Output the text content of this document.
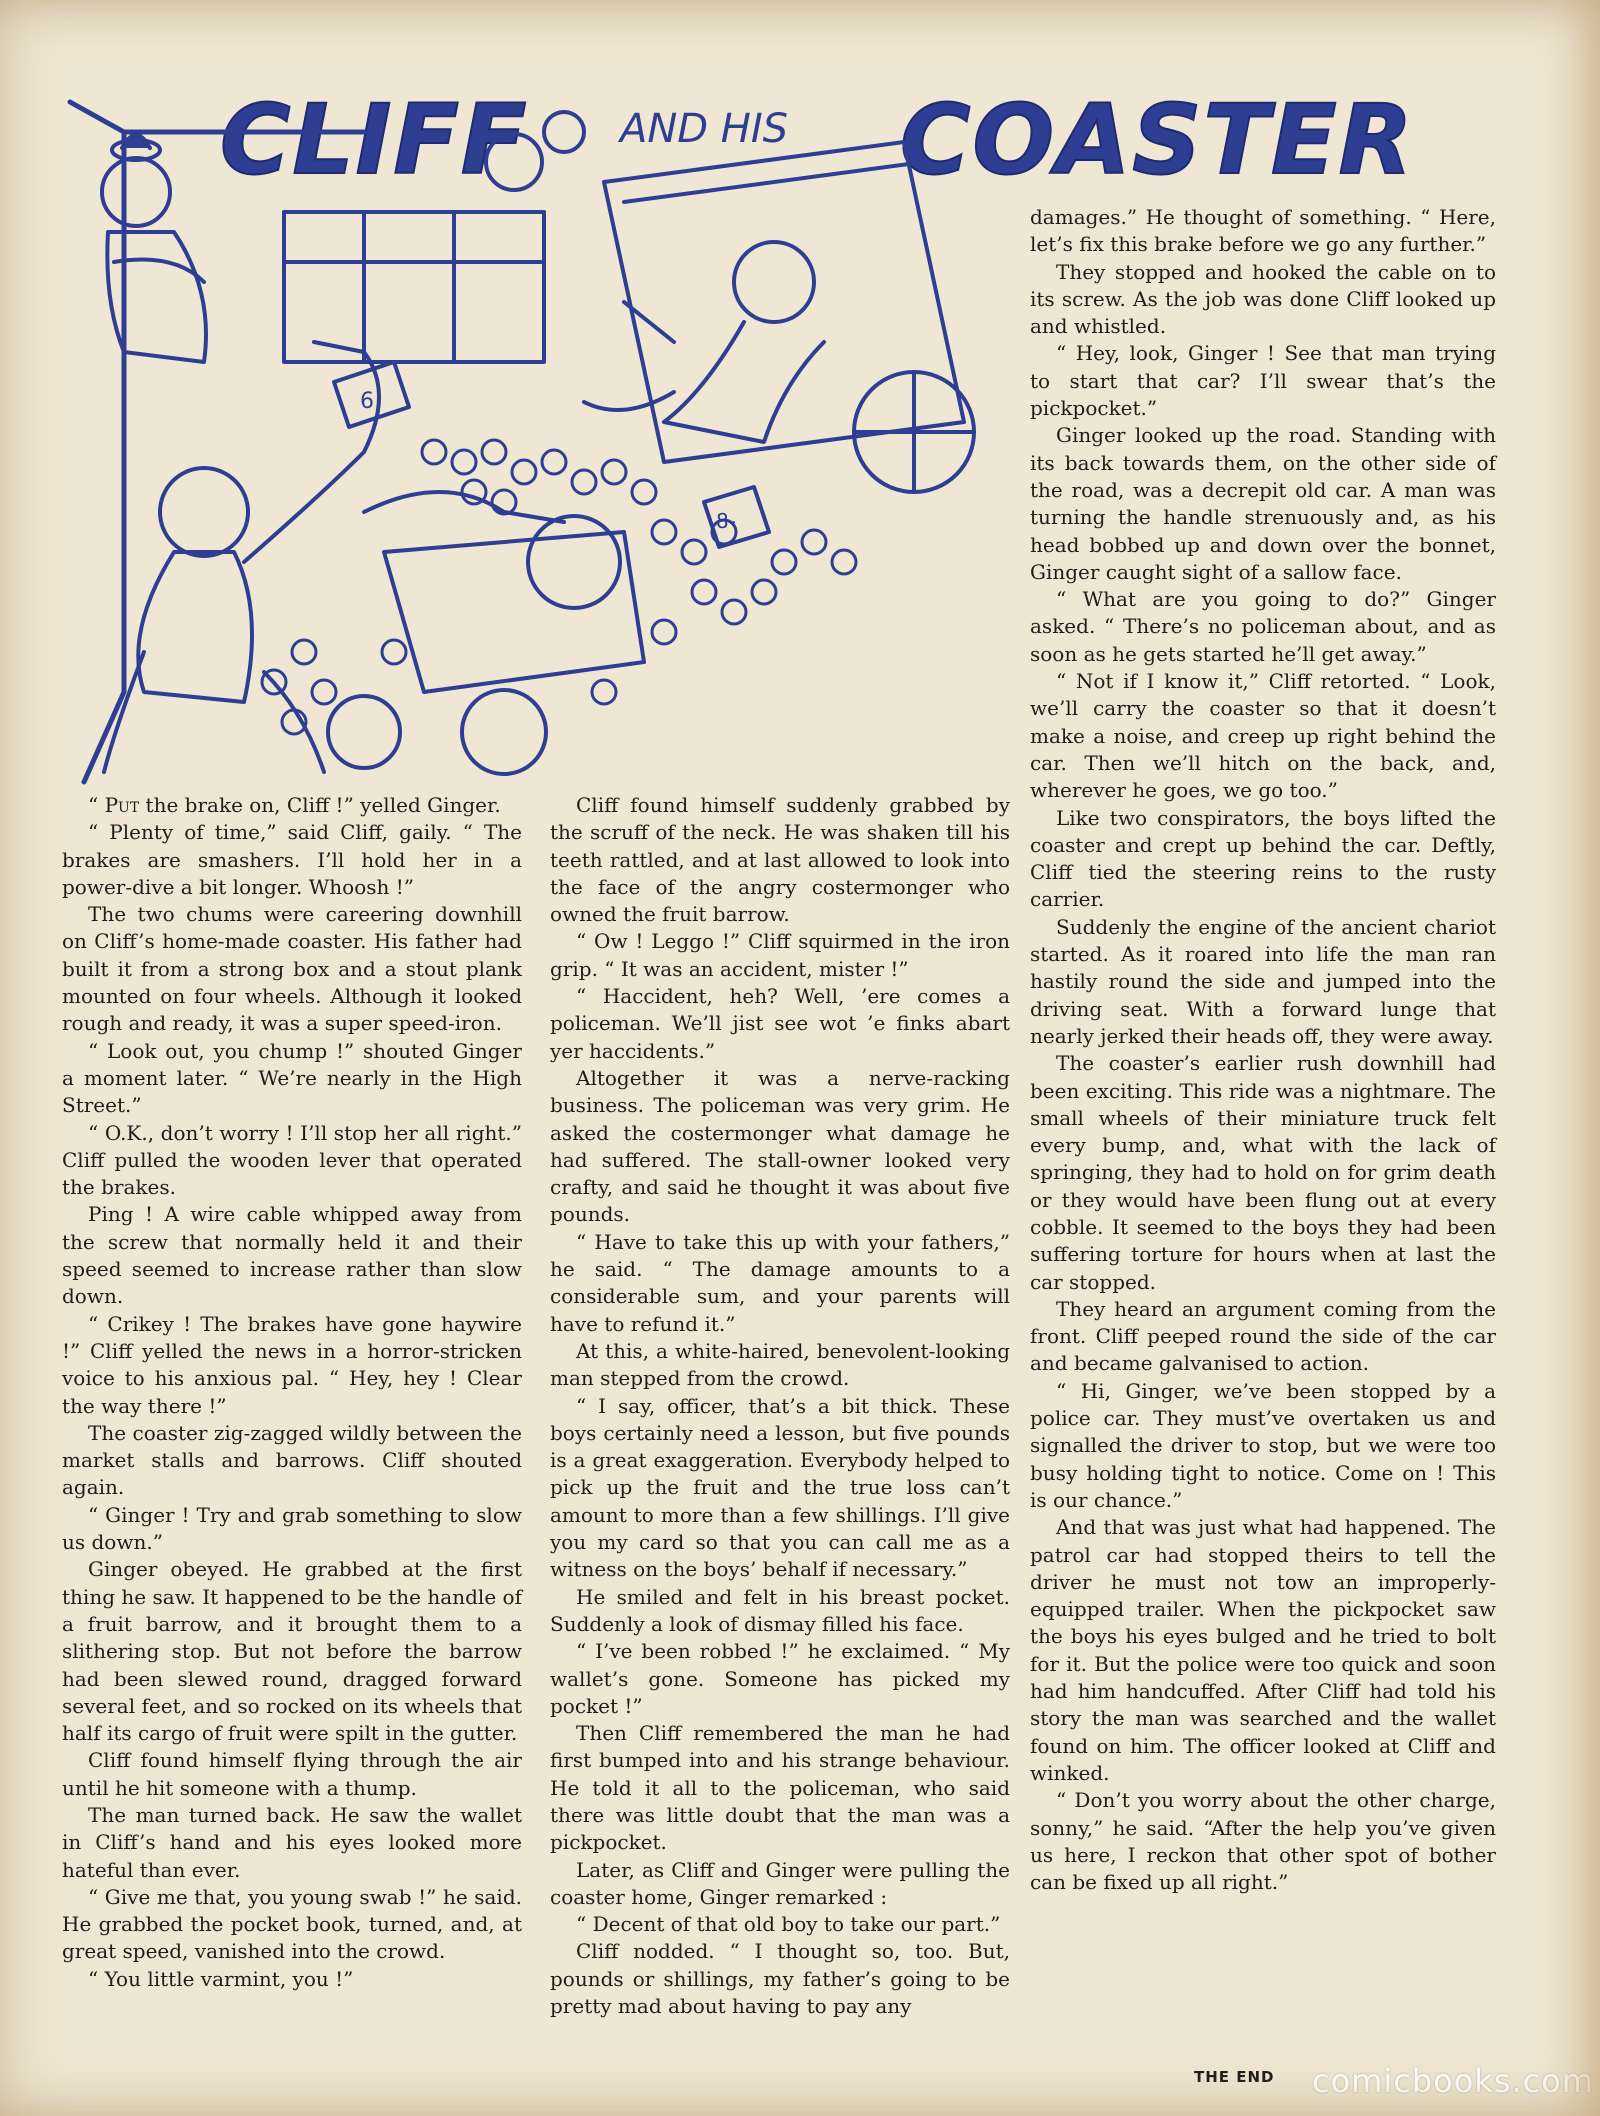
CLIFF AND HIS COASTER
6
8-

“ Put the brake on, Cliff !” yelled Ginger.

“ Plenty of time,” said Cliff, gaily. “ The brakes are smashers. I’ll hold her in a power-dive a bit longer. Whoosh !”

The two chums were careering downhill on Cliff’s home-made coaster. His father had built it from a strong box and a stout plank mounted on four wheels. Although it looked rough and ready, it was a super speed-iron.

“ Look out, you chump !” shouted Ginger a moment later. “ We’re nearly in the High Street.”

“ O.K., don’t worry ! I’ll stop her all right.” Cliff pulled the wooden lever that operated the brakes.

Ping ! A wire cable whipped away from the screw that normally held it and their speed seemed to increase rather than slow down.

“ Crikey ! The brakes have gone haywire !” Cliff yelled the news in a horror-stricken voice to his anxious pal. “ Hey, hey ! Clear the way there !”

The coaster zig-zagged wildly between the market stalls and barrows. Cliff shouted again.

“ Ginger ! Try and grab something to slow us down.”

Ginger obeyed. He grabbed at the first thing he saw. It happened to be the handle of a fruit barrow, and it brought them to a slithering stop. But not before the barrow had been slewed round, dragged forward several feet, and so rocked on its wheels that half its cargo of fruit were spilt in the gutter.

Cliff found himself flying through the air until he hit someone with a thump.

The man turned back. He saw the wallet in Cliff’s hand and his eyes looked more hateful than ever.

“ Give me that, you young swab !” he said. He grabbed the pocket book, turned, and, at great speed, vanished into the crowd.

“ You little varmint, you !”

Cliff found himself suddenly grabbed by the scruff of the neck. He was shaken till his teeth rattled, and at last allowed to look into the face of the angry costermonger who owned the fruit barrow.

“ Ow ! Leggo !” Cliff squirmed in the iron grip. “ It was an accident, mister !”

“ Haccident, heh? Well, ’ere comes a policeman. We’ll jist see wot ’e finks abart yer haccidents.”

Altogether it was a nerve-racking business. The policeman was very grim. He asked the costermonger what damage he had suffered. The stall-owner looked very crafty, and said he thought it was about five pounds.

“ Have to take this up with your fathers,” he said. “ The damage amounts to a considerable sum, and your parents will have to refund it.”

At this, a white-haired, benevolent-looking man stepped from the crowd.

“ I say, officer, that’s a bit thick. These boys certainly need a lesson, but five pounds is a great exaggeration. Everybody helped to pick up the fruit and the true loss can’t amount to more than a few shillings. I’ll give you my card so that you can call me as a witness on the boys’ behalf if necessary.”

He smiled and felt in his breast pocket. Suddenly a look of dismay filled his face.

“ I’ve been robbed !” he exclaimed. “ My wallet’s gone. Someone has picked my pocket !”

Then Cliff remembered the man he had first bumped into and his strange behaviour. He told it all to the policeman, who said there was little doubt that the man was a pickpocket.

Later, as Cliff and Ginger were pulling the coaster home, Ginger remarked :

“ Decent of that old boy to take our part.”

Cliff nodded. “ I thought so, too. But, pounds or shillings, my father’s going to be pretty mad about having to pay any

damages.” He thought of something. “ Here, let’s fix this brake before we go any further.”

They stopped and hooked the cable on to its screw. As the job was done Cliff looked up and whistled.

“ Hey, look, Ginger ! See that man trying to start that car? I’ll swear that’s the pickpocket.”

Ginger looked up the road. Standing with its back towards them, on the other side of the road, was a decrepit old car. A man was turning the handle strenuously and, as his head bobbed up and down over the bonnet, Ginger caught sight of a sallow face.

“ What are you going to do?” Ginger asked. “ There’s no policeman about, and as soon as he gets started he’ll get away.”

“ Not if I know it,” Cliff retorted. “ Look, we’ll carry the coaster so that it doesn’t make a noise, and creep up right behind the car. Then we’ll hitch on the back, and, wherever he goes, we go too.”

Like two conspirators, the boys lifted the coaster and crept up behind the car. Deftly, Cliff tied the steering reins to the rusty carrier.

Suddenly the engine of the ancient chariot started. As it roared into life the man ran hastily round the side and jumped into the driving seat. With a forward lunge that nearly jerked their heads off, they were away.

The coaster’s earlier rush downhill had been exciting. This ride was a nightmare. The small wheels of their miniature truck felt every bump, and, what with the lack of springing, they had to hold on for grim death or they would have been flung out at every cobble. It seemed to the boys they had been suffering torture for hours when at last the car stopped.

They heard an argument coming from the front. Cliff peeped round the side of the car and became galvanised to action.

“ Hi, Ginger, we’ve been stopped by a police car. They must’ve overtaken us and signalled the driver to stop, but we were too busy holding tight to notice. Come on ! This is our chance.”

And that was just what had happened. The patrol car had stopped theirs to tell the driver he must not tow an improperly-equipped trailer. When the pickpocket saw the boys his eyes bulged and he tried to bolt for it. But the police were too quick and soon had him handcuffed. After Cliff had told his story the man was searched and the wallet found on him. The officer looked at Cliff and winked.

“ Don’t you worry about the other charge, sonny,” he said. “After the help you’ve given us here, I reckon that other spot of bother can be fixed up all right.”

THE END comicbooks.com
